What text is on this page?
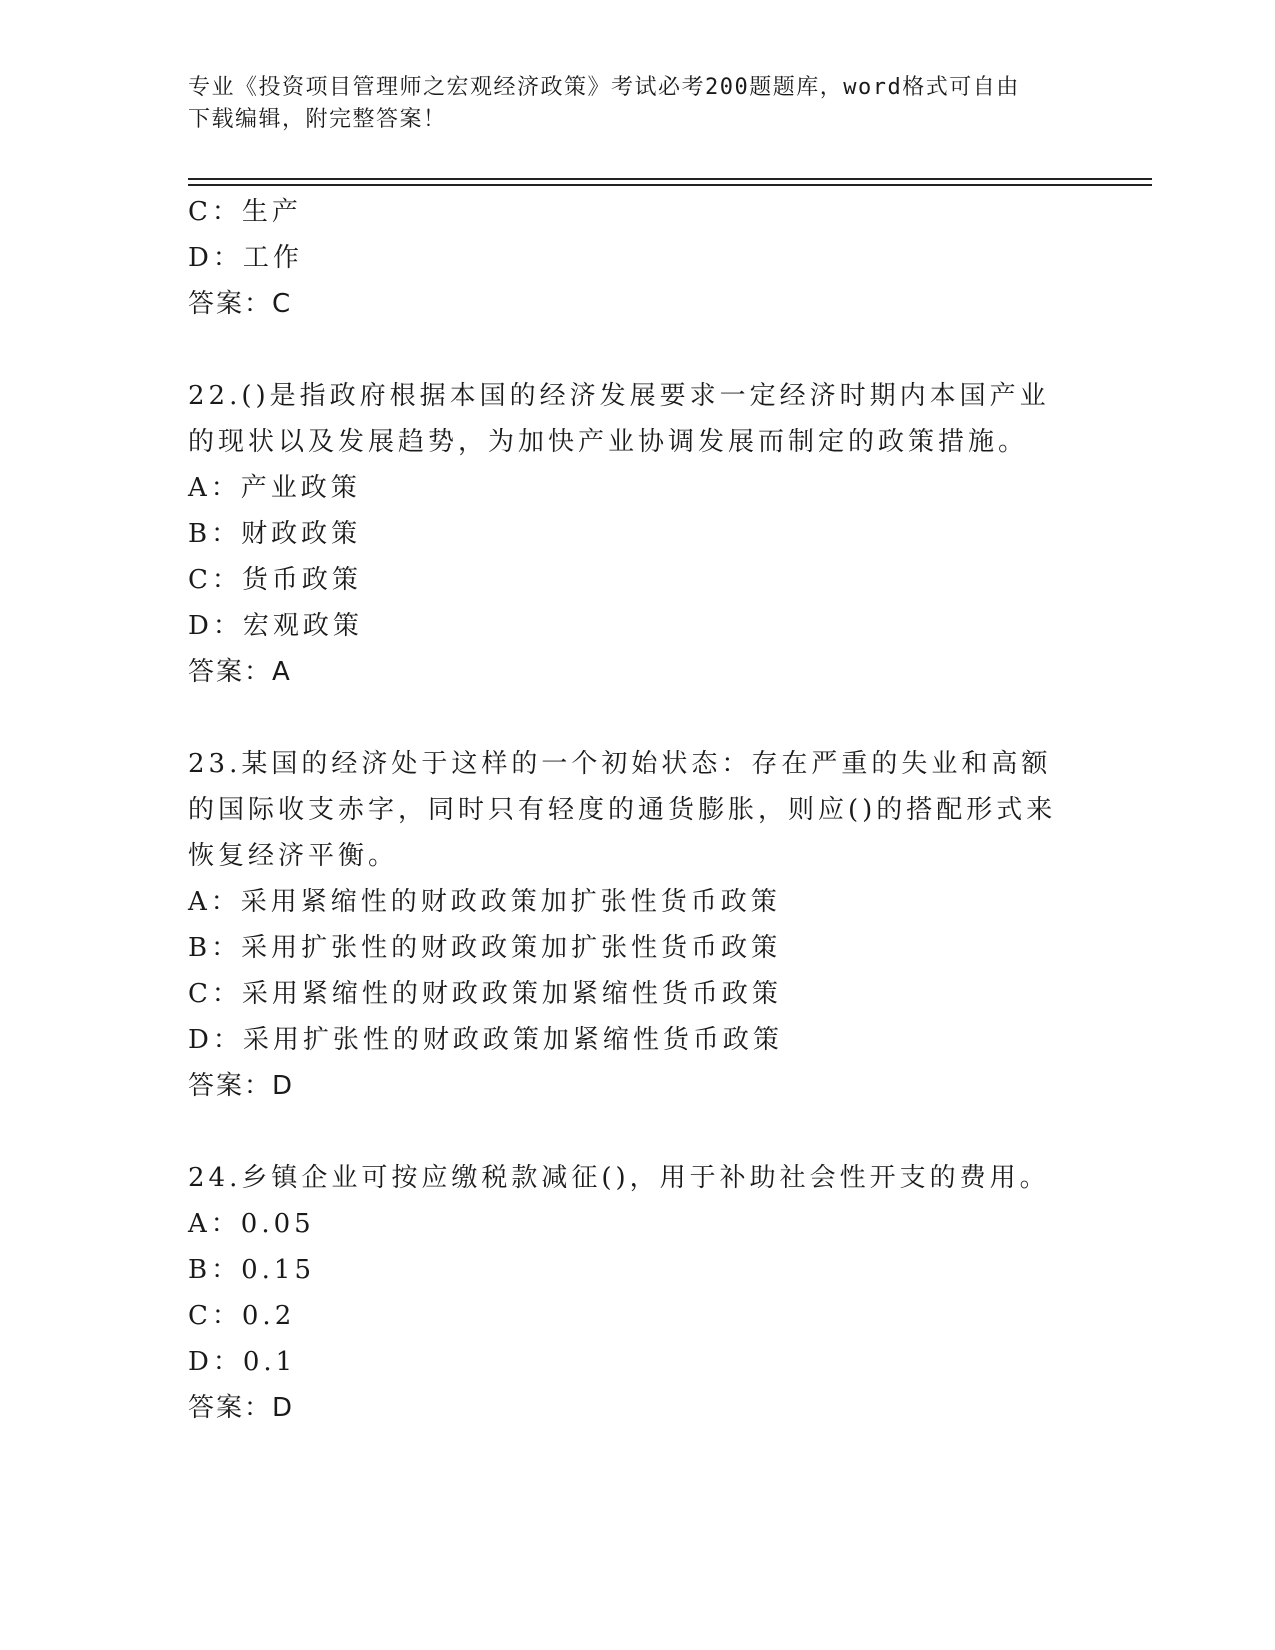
专业《投资项目管理师之宏观经济政策》考试必考200题题库，word格式可自由
下载编辑，附完整答案！
C：生产
D：工作
答案：C
22.()是指政府根据本国的经济发展要求一定经济时期内本国产业的现状以及发展趋势，为加快产业协调发展而制定的政策措施。
A：产业政策
B：财政政策
C：货币政策
D：宏观政策
答案：A
23.某国的经济处于这样的一个初始状态：存在严重的失业和高额的国际收支赤字，同时只有轻度的通货膨胀，则应()的搭配形式来恢复经济平衡。
A：采用紧缩性的财政政策加扩张性货币政策
B：采用扩张性的财政政策加扩张性货币政策
C：采用紧缩性的财政政策加紧缩性货币政策
D：采用扩张性的财政政策加紧缩性货币政策
答案：D
24.乡镇企业可按应缴税款减征()，用于补助社会性开支的费用。
A：0.05
B：0.15
C：0.2
D：0.1
答案：D
